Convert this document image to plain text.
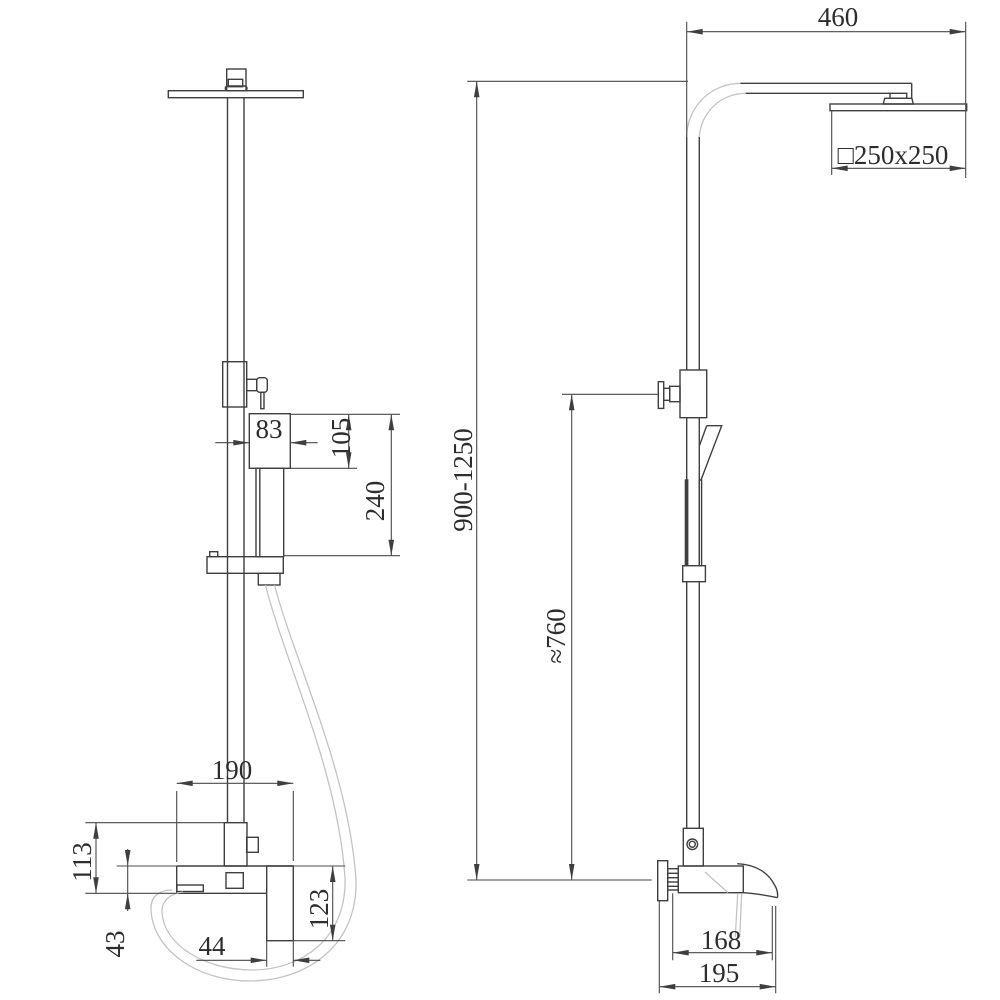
460
□250x250
900-1250
≈760
83 105
240
190
113
43	44
123
168
195
